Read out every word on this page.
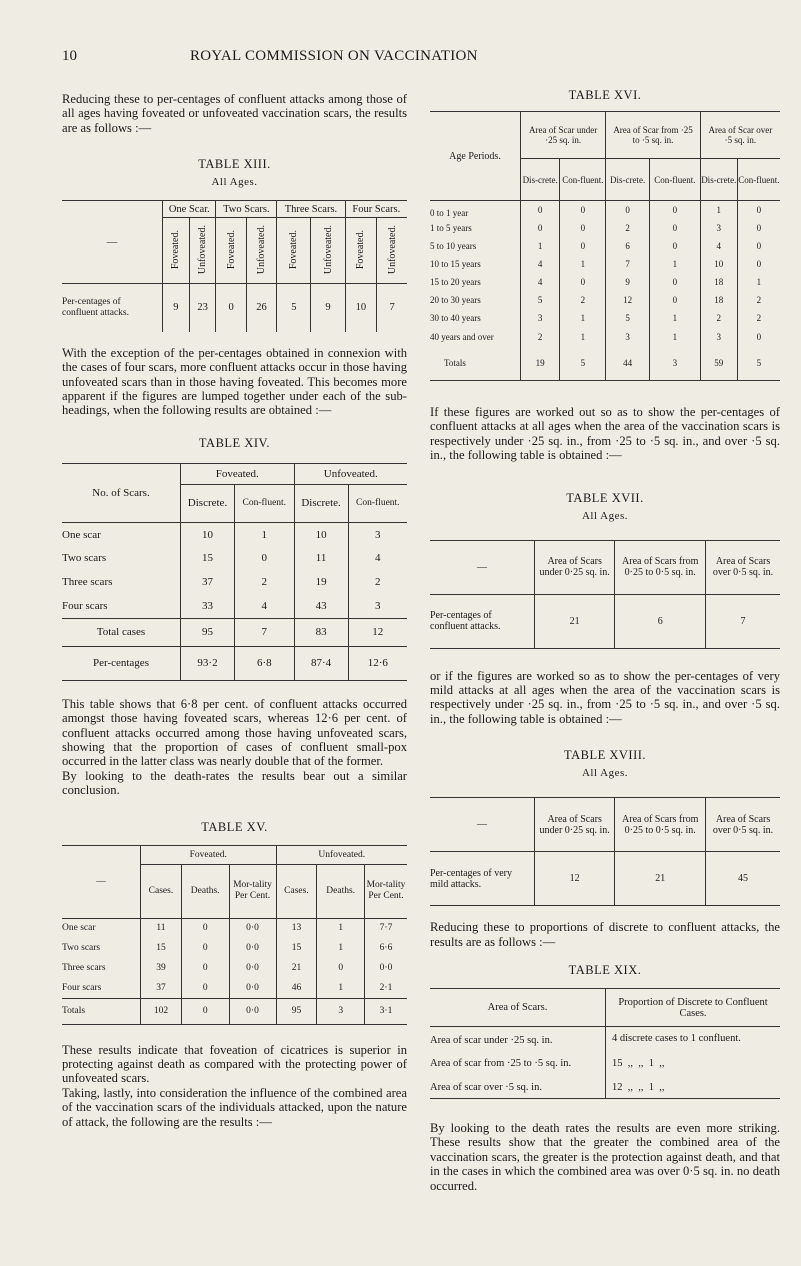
10	ROYAL COMMISSION ON VACCINATION

Reducing these to per-centages of confluent attacks among those of all ages having foveated or unfoveated vaccination scars, the results are as follows :—

TABLE XIII.
All Ages.
—	One Scar.		Two Scars.		Three Scars.		Four Scars.	
	Foveated.	Unfoveated.	Foveated.	Unfoveated.	Foveated.	Unfoveated.	Foveated.	Unfoveated.
Per-centages of confluent attacks.	9	23	0	26	5	9	10	7

With the exception of the per-centages obtained in connexion with the cases of four scars, more confluent attacks occur in those having unfoveated scars than in those having foveated. This becomes more apparent if the figures are lumped together under each of the sub-headings, when the following results are obtained :—

TABLE XIV.
No. of Scars.	Foveated.		Unfoveated.	
	Discrete.	Con-fluent.	Discrete.	Con-fluent.
One scar	10	1	10	3
Two scars	15	0	11	4
Three scars	37	2	19	2
Four scars	33	4	43	3
Total cases	95	7	83	12
Per-centages	93·2	6·8	87·4	12·6

This table shows that 6·8 per cent. of confluent attacks occurred amongst those having foveated scars, whereas 12·6 per cent. of confluent attacks occurred among those having unfoveated scars, showing that the proportion of cases of confluent small-pox occurred in the latter class was nearly double that of the former.

By looking to the death-rates the results bear out a similar conclusion.

TABLE XV.
—	Foveated.			Unfoveated.		
	Cases.	Deaths.	Mor-tality Per Cent.	Cases.	Deaths.	Mor-tality Per Cent.
One scar	11	0	0·0	13	1	7·7
Two scars	15	0	0·0	15	1	6·6
Three scars	39	0	0·0	21	0	0·0
Four scars	37	0	0·0	46	1	2·1
Totals	102	0	0·0	95	3	3·1

These results indicate that foveation of cicatrices is superior in protecting against death as compared with the protecting power of unfoveated scars.

Taking, lastly, into consideration the influence of the combined area of the vaccination scars of the individuals attacked, upon the nature of attack, the following are the results :—

TABLE XVI.
Age Periods.	Area of Scar under ·25 sq. in.		Area of Scar from ·25 to ·5 sq. in.		Area of Scar over ·5 sq. in.	
	Dis-crete.	Con-fluent.	Dis-crete.	Con-fluent.	Dis-crete.	Con-fluent.
0 to 1 year	0	0	0	0	1	0
1 to 5 years	0	0	2	0	3	0
5 to 10 years	1	0	6	0	4	0
10 to 15 years	4	1	7	1	10	0
15 to 20 years	4	0	9	0	18	1
20 to 30 years	5	2	12	0	18	2
30 to 40 years	3	1	5	1	2	2
40 years and over	2	1	3	1	3	0
Totals	19	5	44	3	59	5

If these figures are worked out so as to show the per-centages of confluent attacks at all ages when the area of the vaccination scars is respectively under ·25 sq. in., from ·25 to ·5 sq. in., and over ·5 sq. in., the following table is obtained :—

TABLE XVII.
All Ages.
—	Area of Scars under 0·25 sq. in.	Area of Scars from 0·25 to 0·5 sq. in.	Area of Scars over 0·5 sq. in.
Per-centages of confluent attacks.	21	6	7

or if the figures are worked so as to show the per-centages of very mild attacks at all ages when the area of the vaccination scars is respectively under ·25 sq. in., from ·25 to ·5 sq. in., and over ·5 sq. in., the following table is obtained :—

TABLE XVIII.
All Ages.
—	Area of Scars under 0·25 sq. in.	Area of Scars from 0·25 to 0·5 sq. in.	Area of Scars over 0·5 sq. in.
Per-centages of very mild attacks.	12	21	45

Reducing these to proportions of discrete to confluent attacks, the results are as follows :—

TABLE XIX.
Area of Scars.	Proportion of Discrete to Confluent Cases.
Area of scar under ·25 sq. in.	4 discrete cases to 1 confluent.
Area of scar from ·25 to ·5 sq. in.	15  ,,  ,,  1  ,,
Area of scar over ·5 sq. in.	12  ,,  ,,  1  ,,

By looking to the death rates the results are even more striking. These results show that the greater the combined area of the vaccination scars, the greater is the protection against death, and that in the cases in which the combined area was over 0·5 sq. in. no death occurred.
